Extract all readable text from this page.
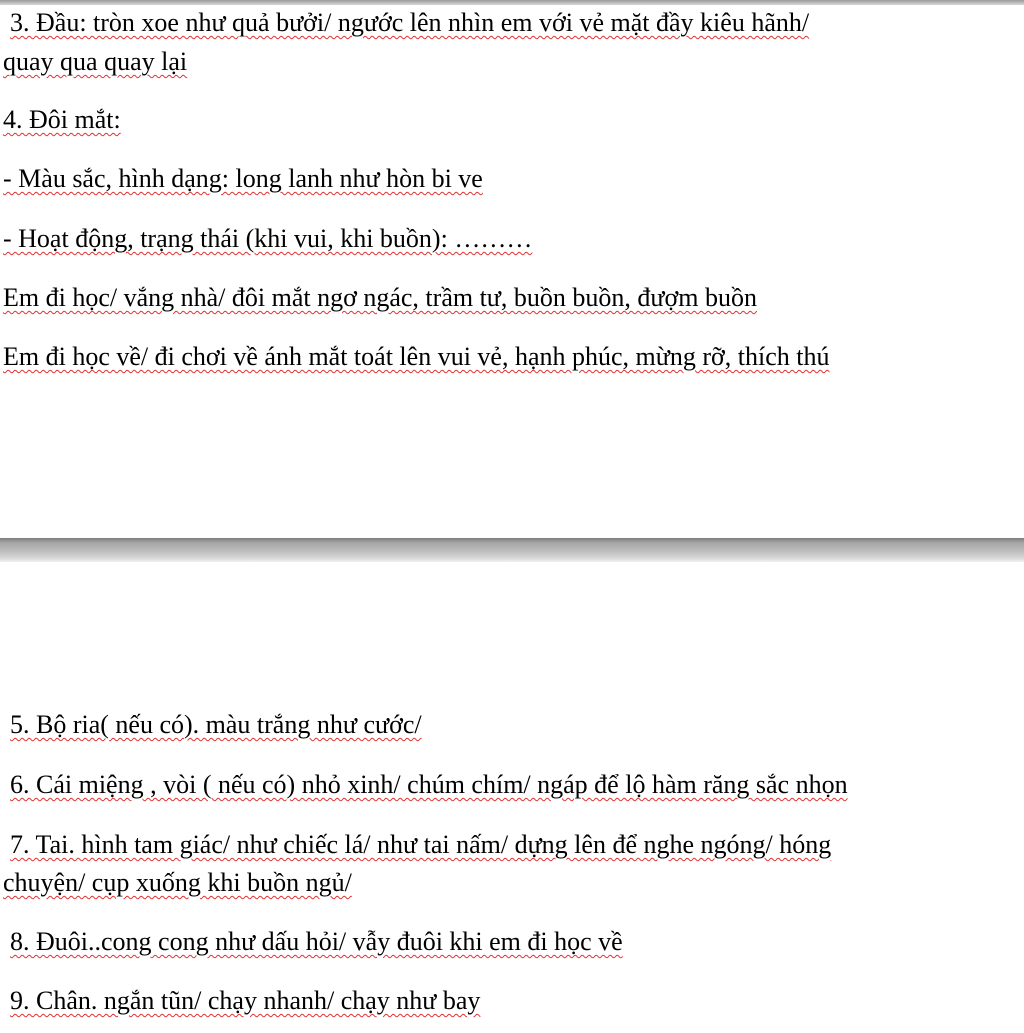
3. Đầu: tròn xoe như quả bưởi/ ngước lên nhìn em với vẻ mặt đầy kiêu hãnh/

quay qua quay lại

4. Đôi mắt:

- Màu sắc, hình dạng: long lanh như hòn bi ve

- Hoạt động, trạng thái (khi vui, khi buồn): ………

Em đi học/ vắng nhà/ đôi mắt ngơ ngác, trầm tư, buồn buồn, đượm buồn

Em đi học về/ đi chơi về ánh mắt toát lên vui vẻ, hạnh phúc, mừng rỡ, thích thú

5. Bộ ria( nếu có). màu trắng như cước/

6. Cái miệng , vòi ( nếu có) nhỏ xinh/ chúm chím/ ngáp để lộ hàm răng sắc nhọn

7. Tai. hình tam giác/ như chiếc lá/ như tai nấm/ dựng lên để nghe ngóng/ hóng

chuyện/ cụp xuống khi buồn ngủ/

8. Đuôi..cong cong như dấu hỏi/ vẫy đuôi khi em đi học về

9. Chân. ngắn tũn/ chạy nhanh/ chạy như bay
